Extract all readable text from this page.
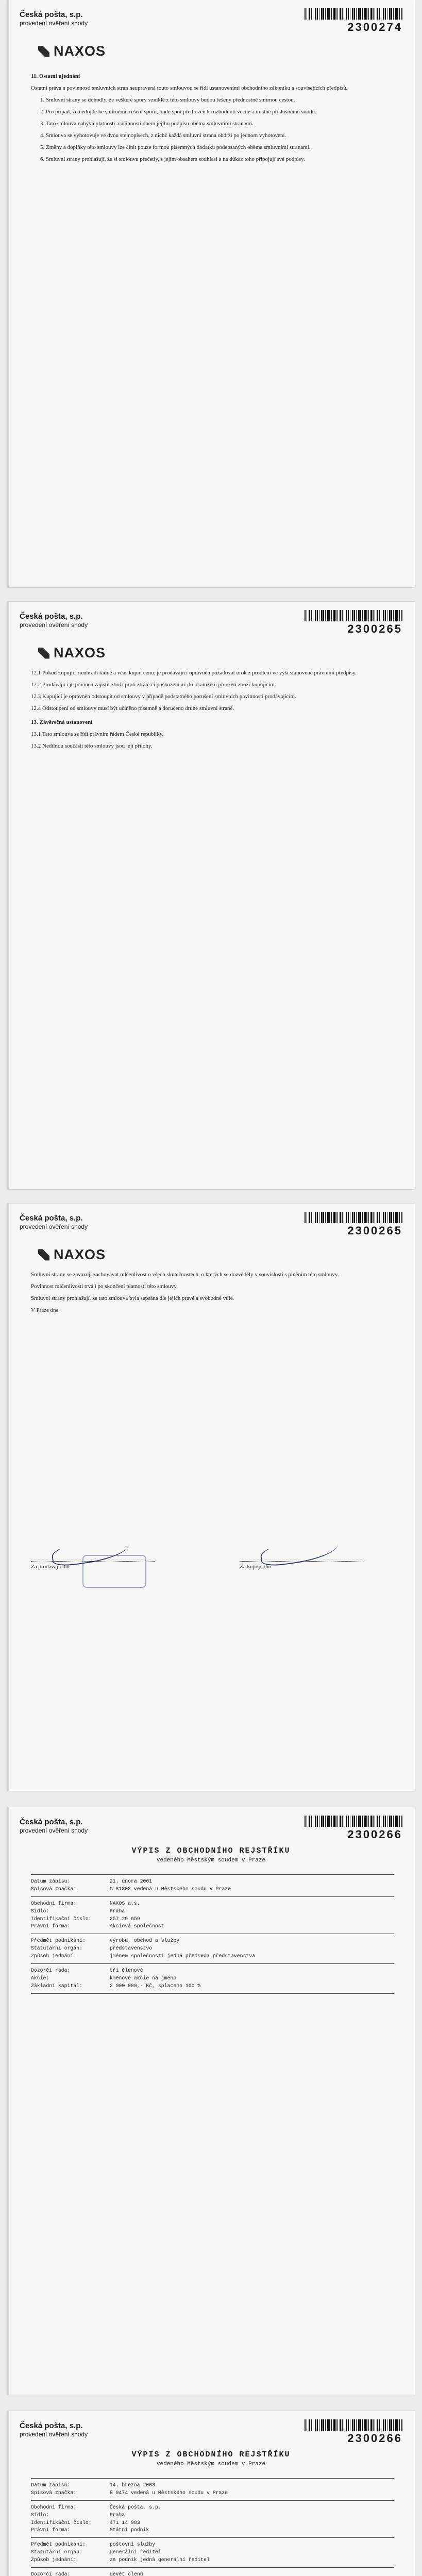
Česká pošta, s.p.
provedení ověření shody	2300274
NAXOS

11. Ostatní ujednání

Ostatní práva a povinnosti smluvních stran neupravená touto smlouvou se řídí ustanoveními obchodního zákoníku a souvisejících předpisů.

1. Smluvní strany se dohodly, že veškeré spory vzniklé z této smlouvy budou řešeny přednostně smírnou cestou.

2. Pro případ, že nedojde ke smírnému řešení sporu, bude spor předložen k rozhodnutí věcně a místně příslušnému soudu.

3. Tato smlouva nabývá platnosti a účinnosti dnem jejího podpisu oběma smluvními stranami.

4. Smlouva se vyhotovuje ve dvou stejnopisech, z nichž každá smluvní strana obdrží po jednom vyhotovení.

5. Změny a doplňky této smlouvy lze činit pouze formou písemných dodatků podepsaných oběma smluvními stranami.

6. Smluvní strany prohlašují, že si smlouvu přečetly, s jejím obsahem souhlasí a na důkaz toho připojují své podpisy.

Česká pošta, s.p.
provedení ověření shody	2300265
NAXOS

12.1 Pokud kupující neuhradí řádně a včas kupní cenu, je prodávající oprávněn požadovat úrok z prodlení ve výši stanovené právními předpisy.

12.2 Prodávající je povinen zajistit zboží proti ztrátě či poškození až do okamžiku převzetí zboží kupujícím.

12.3 Kupující je oprávněn odstoupit od smlouvy v případě podstatného porušení smluvních povinností prodávajícím.

12.4 Odstoupení od smlouvy musí být učiněno písemně a doručeno druhé smluvní straně.

13. Závěrečná ustanovení

13.1 Tato smlouva se řídí právním řádem České republiky.

13.2 Nedílnou součástí této smlouvy jsou její přílohy.

Česká pošta, s.p.
provedení ověření shody	2300265
NAXOS

Smluvní strany se zavazují zachovávat mlčenlivost o všech skutečnostech, o kterých se dozvěděly v souvislosti s plněním této smlouvy.

Povinnost mlčenlivosti trvá i po skončení platnosti této smlouvy.

Smluvní strany prohlašují, že tato smlouva byla sepsána dle jejich pravé a svobodné vůle.

V Praze dne

Za prodávajícího	Za kupujícího
Česká pošta, s.p.
provedení ověření shody	2300266
VÝPIS Z OBCHODNÍHO REJSTŘÍKU
vedeného Městským soudem v Praze
Datum zápisu:             21. února 2001
Spisová značka:           C 81808 vedená u Městského soudu v Praze
Obchodní firma:           NAXOS a.s.
Sídlo:                    Praha
Identifikační číslo:      257 29 659
Právní forma:             Akciová společnost
Předmět podnikání:        výroba, obchod a služby
Statutární orgán:         představenstvo
Způsob jednání:           jménem společnosti jedná předseda představenstva
Dozorčí rada:             tři členové
Akcie:                    kmenové akcie na jméno
Základní kapitál:         2 000 000,- Kč, splaceno 100 %
Česká pošta, s.p.
provedení ověření shody	2300266
VÝPIS Z OBCHODNÍHO REJSTŘÍKU
vedeného Městským soudem v Praze
Datum zápisu:             14. března 2003
Spisová značka:           B 9474 vedená u Městského soudu v Praze
Obchodní firma:           Česká pošta, s.p.
Sídlo:                    Praha
Identifikační číslo:      471 14 983
Právní forma:             Státní podnik
Předmět podnikání:        poštovní služby
Statutární orgán:         generální ředitel
Způsob jednání:           za podnik jedná generální ředitel
Dozorčí rada:             devět členů
